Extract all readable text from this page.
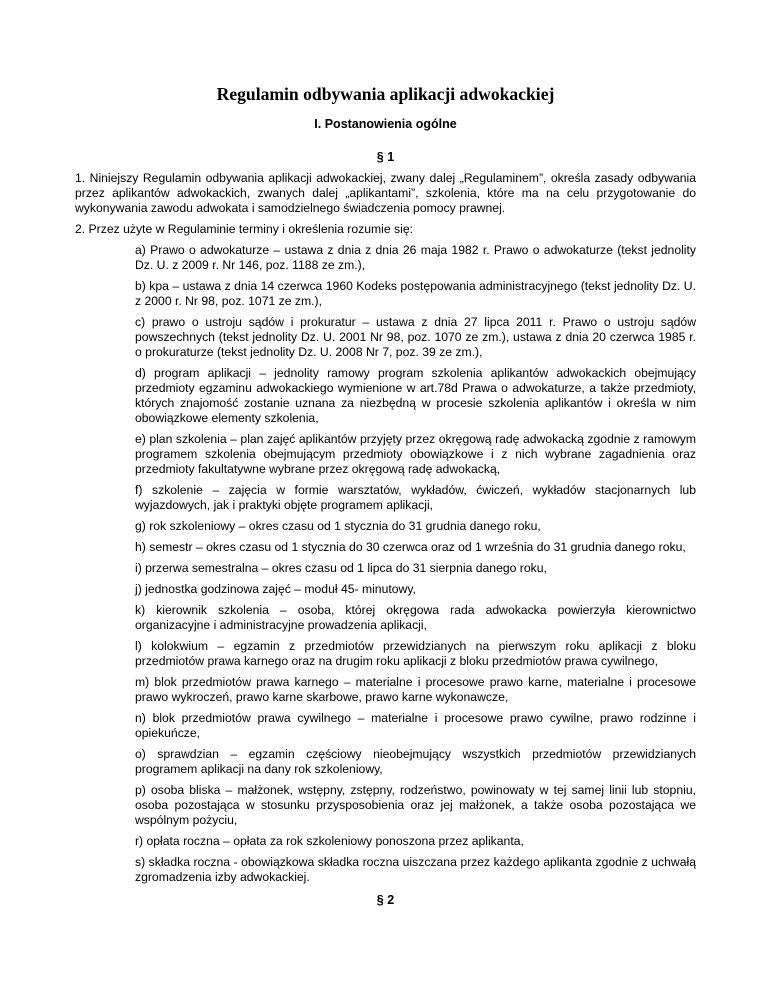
Regulamin odbywania aplikacji adwokackiej
I. Postanowienia ogólne
§ 1

1. Niniejszy Regulamin odbywania aplikacji adwokackiej, zwany dalej „Regulaminem”, określa zasady odbywania przez aplikantów adwokackich, zwanych dalej „aplikantami”, szkolenia, które ma na celu przygotowanie do wykonywania zawodu adwokata i samodzielnego świadczenia pomocy prawnej.

2. Przez użyte w Regulaminie terminy i określenia rozumie się:

a) Prawo o adwokaturze – ustawa z dnia z dnia 26 maja 1982 r. Prawo o adwokaturze (tekst jednolity Dz. U. z 2009 r. Nr 146, poz. 1188 ze zm.),
b) kpa – ustawa z dnia 14 czerwca 1960 Kodeks postępowania administracyjnego (tekst jednolity Dz. U. z 2000 r. Nr 98, poz. 1071 ze zm.),
c) prawo o ustroju sądów i prokuratur – ustawa z dnia 27 lipca 2011 r. Prawo o ustroju sądów powszechnych (tekst jednolity Dz. U. 2001 Nr 98, poz. 1070 ze zm.), ustawa z dnia 20 czerwca 1985 r. o prokuraturze (tekst jednolity Dz. U. 2008 Nr 7, poz. 39 ze zm.),
d) program aplikacji – jednolity ramowy program szkolenia aplikantów adwokackich obejmujący przedmioty egzaminu adwokackiego wymienione w art.78d Prawa o adwokaturze, a także przedmioty, których znajomość zostanie uznana za niezbędną w procesie szkolenia aplikantów i określa w nim obowiązkowe elementy szkolenia,
e) plan szkolenia – plan zajęć aplikantów przyjęty przez okręgową radę adwokacką zgodnie z ramowym programem szkolenia obejmującym przedmioty obowiązkowe i z nich wybrane zagadnienia oraz przedmioty fakultatywne wybrane przez okręgową radę adwokacką,
f) szkolenie – zajęcia w formie warsztatów, wykładów, ćwiczeń, wykładów stacjonarnych lub wyjazdowych, jak i praktyki objęte programem aplikacji,
g) rok szkoleniowy – okres czasu od 1 stycznia do 31 grudnia danego roku,
h) semestr – okres czasu od 1 stycznia do 30 czerwca oraz od 1 września do 31 grudnia danego roku,
i) przerwa semestralna – okres czasu od 1 lipca do 31 sierpnia danego roku,
j) jednostka godzinowa zajęć – moduł 45- minutowy,
k) kierownik szkolenia – osoba, której okręgowa rada adwokacka powierzyła kierownictwo organizacyjne i administracyjne prowadzenia aplikacji,
l) kolokwium – egzamin z przedmiotów przewidzianych na pierwszym roku aplikacji z bloku przedmiotów prawa karnego oraz na drugim roku aplikacji z bloku przedmiotów prawa cywilnego,
m) blok przedmiotów prawa karnego – materialne i procesowe prawo karne, materialne i procesowe prawo wykroczeń, prawo karne skarbowe, prawo karne wykonawcze,
n) blok przedmiotów prawa cywilnego – materialne i procesowe prawo cywilne, prawo rodzinne i opiekuńcze,
o) sprawdzian – egzamin częściowy nieobejmujący wszystkich przedmiotów przewidzianych programem aplikacji na dany rok szkoleniowy,
p) osoba bliska – małżonek, wstępny, zstępny, rodzeństwo, powinowaty w tej samej linii lub stopniu, osoba pozostająca w stosunku przysposobienia oraz jej małżonek, a także osoba pozostająca we wspólnym pożyciu,
r) opłata roczna – opłata za rok szkoleniowy ponoszona przez aplikanta,
s) składka roczna - obowiązkowa składka roczna uiszczana przez każdego aplikanta zgodnie z uchwałą zgromadzenia izby adwokackiej.
§ 2
